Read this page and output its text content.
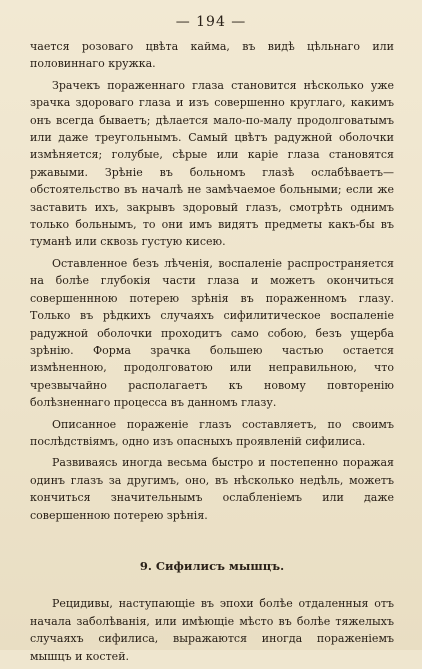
— 194 —

чается розоваго цвѣта кайма, въ видѣ цѣльнаго или половиннаго кружка.

Зрачекъ пораженнаго глаза становится нѣсколько уже зрачка здороваго глаза и изъ совершенно круглаго, какимъ онъ всегда бываетъ; дѣлается мало-по-малу продолговатымъ или даже треугольнымъ. Самый цвѣтъ радужной оболочки измѣняется; голубые, сѣрые или каріе глаза становятся ржавыми. Зрѣніе въ больномъ глазѣ ослабѣваетъ—обстоятельство въ началѣ не замѣчаемое больными; если же заставить ихъ, закрывъ здоровый глазъ, смотрѣть однимъ только больнымъ, то они имъ видятъ предметы какъ-бы въ туманѣ или сквозь густую кисею.

Оставленное безъ лѣченія, воспаленіе распространяется на болѣе глубокія части глаза и можетъ окончиться совершеннною потерею зрѣнія въ пораженномъ глазу. Только въ рѣдкихъ случаяхъ сифилитическое воспаленіе радужной оболочки проходитъ само собою, безъ ущерба зрѣнію. Форма зрачка большею частью остается измѣненною, продолговатою или неправильною, что чрезвычайно располагаетъ къ новому повторенію болѣзненнаго процесса въ данномъ глазу.

Описанное пораженіе глазъ составляетъ, по своимъ послѣдствіямъ, одно изъ опасныхъ проявленій сифилиса.

Развиваясь иногда весьма быстро и постепенно поражая одинъ глазъ за другимъ, оно, въ нѣсколько недѣль, можетъ кончиться значительнымъ ослабленіемъ или даже совершенною потерею зрѣнія.

9. Сифилисъ мышцъ.

Рецидивы, наступающіе въ эпохи болѣе отдаленныя отъ начала заболѣванія, или имѣющіе мѣсто въ болѣе тяжелыхъ случаяхъ сифилиса, выражаются иногда пораженіемъ мышцъ и костей.
